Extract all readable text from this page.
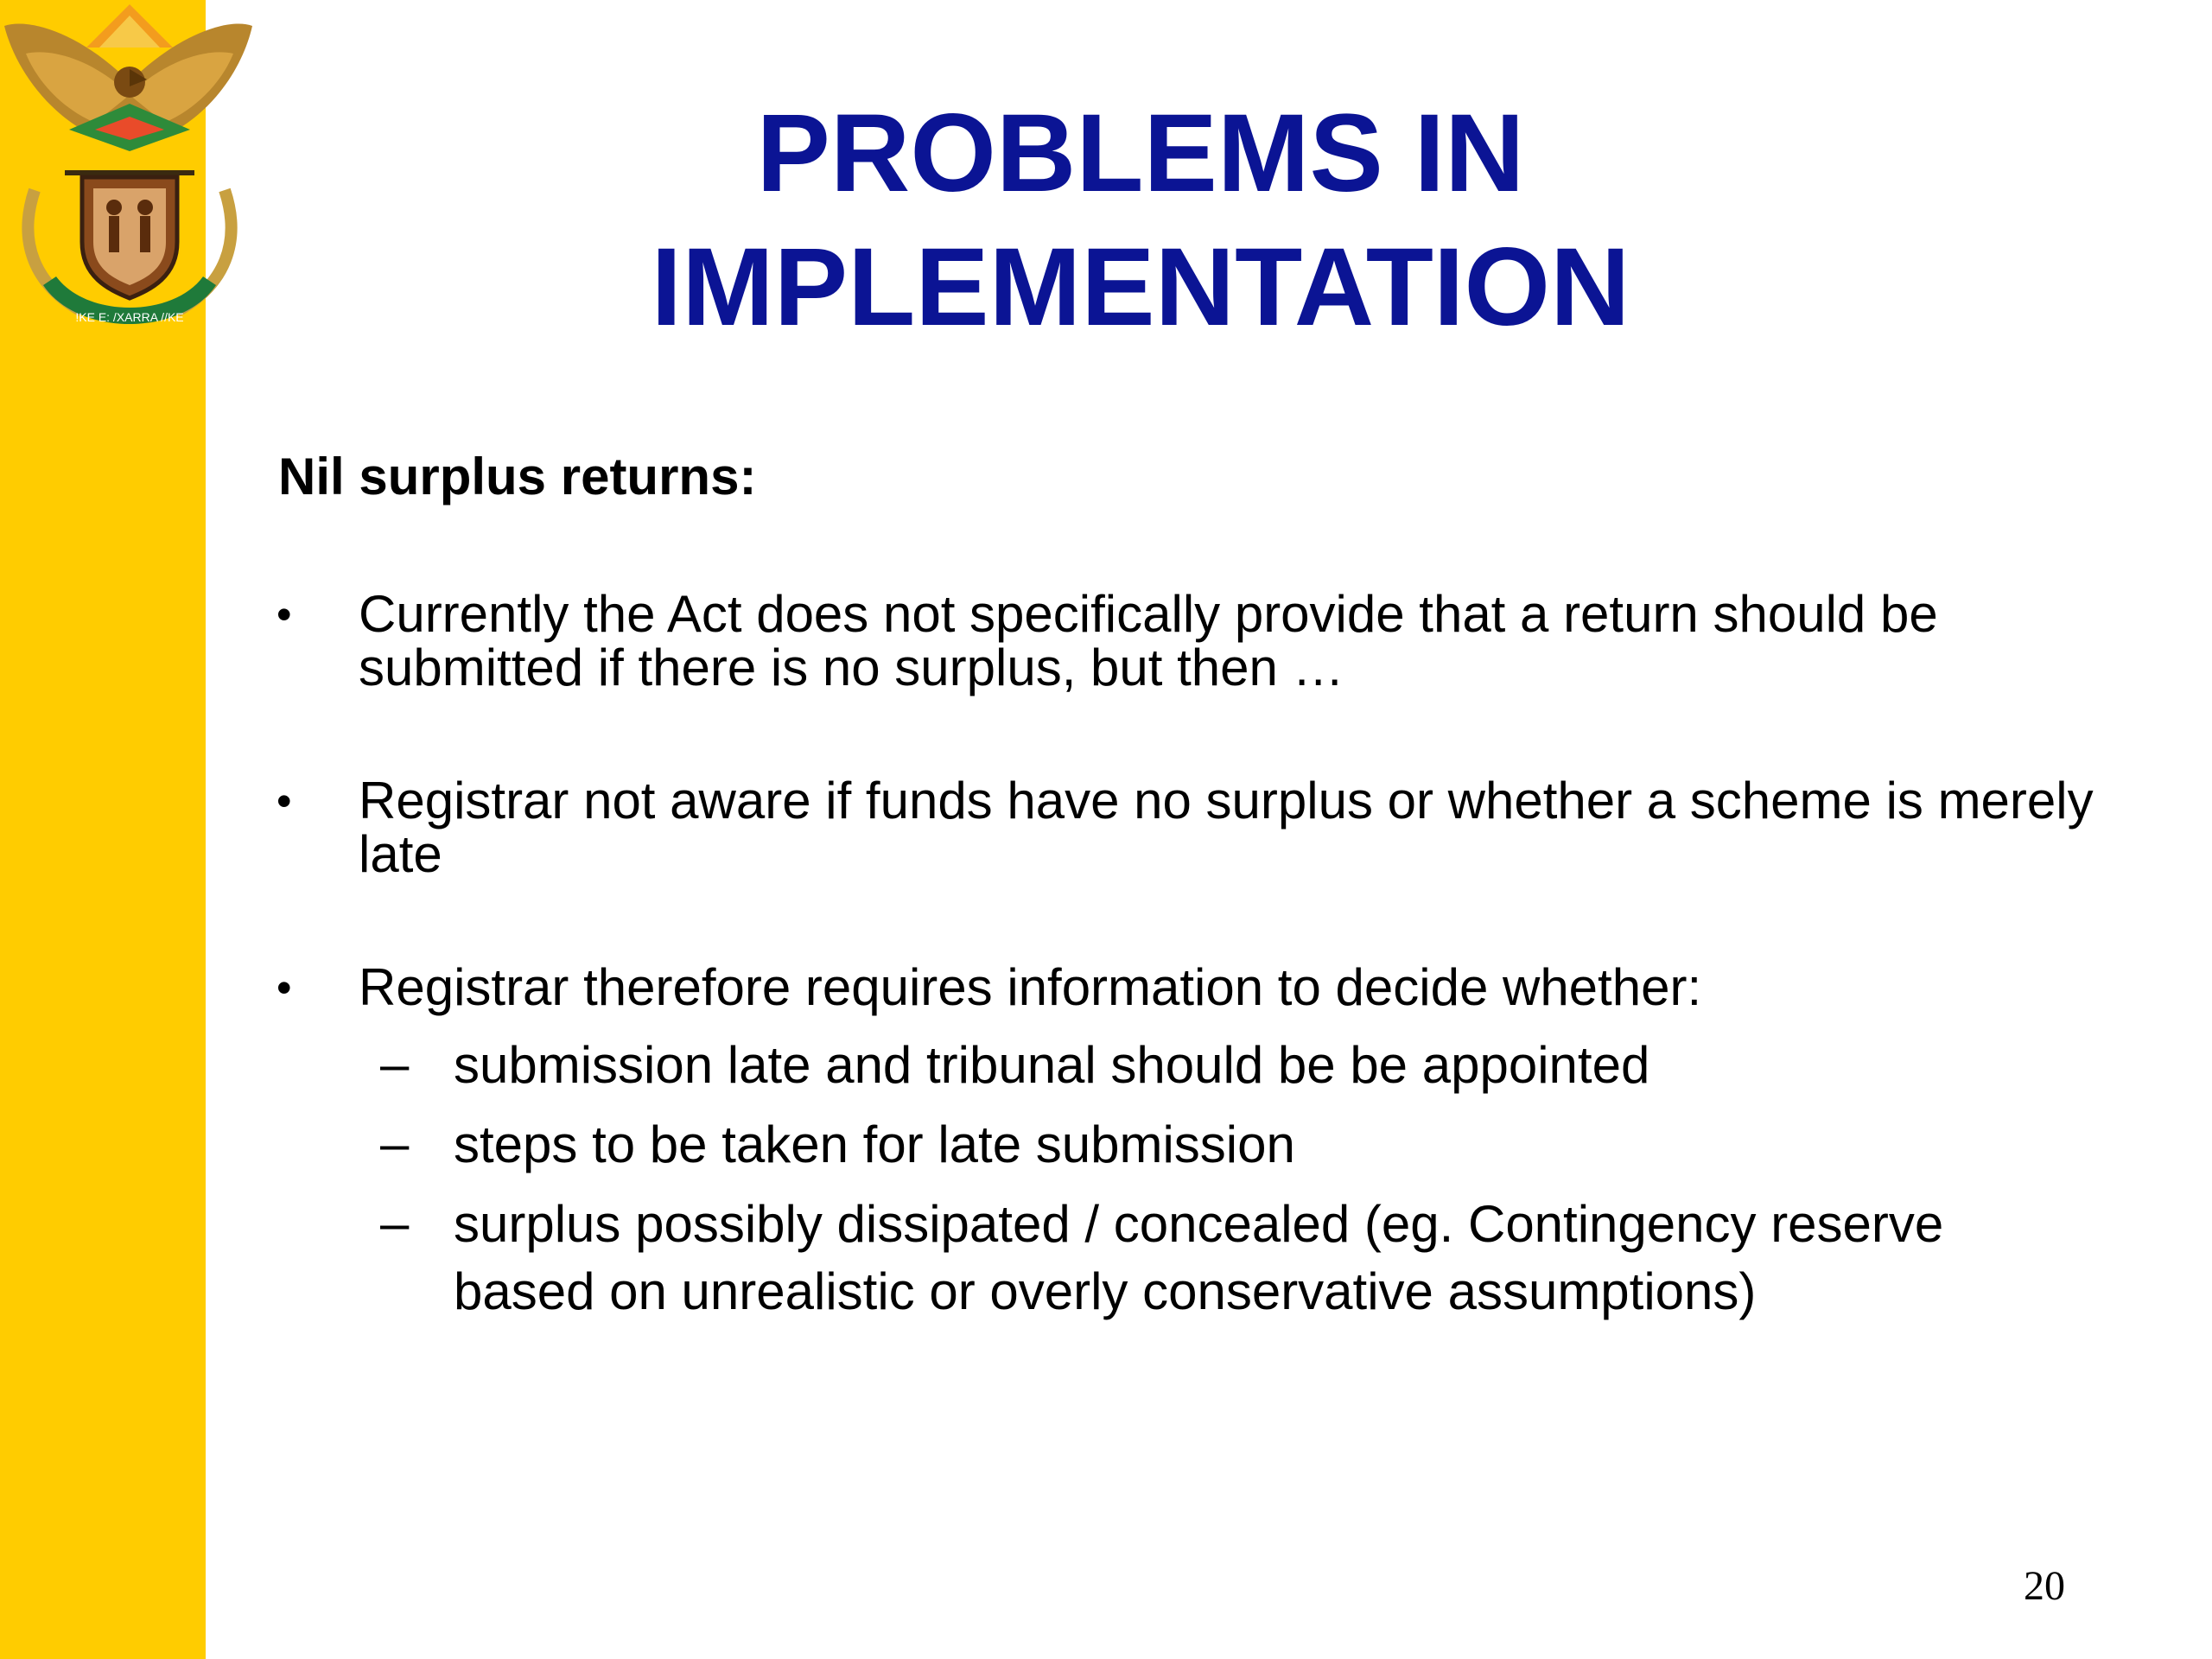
!KE E: /XARRA //KE
PROBLEMS IN
IMPLEMENTATION

Nil surplus returns:

• Currently the Act does not specifically provide that a return should be submitted if there is no surplus, but then …
• Registrar not aware if funds have no surplus or whether a scheme is merely late
• Registrar therefore requires information to decide whether:
– submission late and tribunal should be be appointed
– steps to be taken for late submission
– surplus possibly dissipated / concealed (eg. Contingency reserve based on unrealistic or overly conservative assumptions)
20
